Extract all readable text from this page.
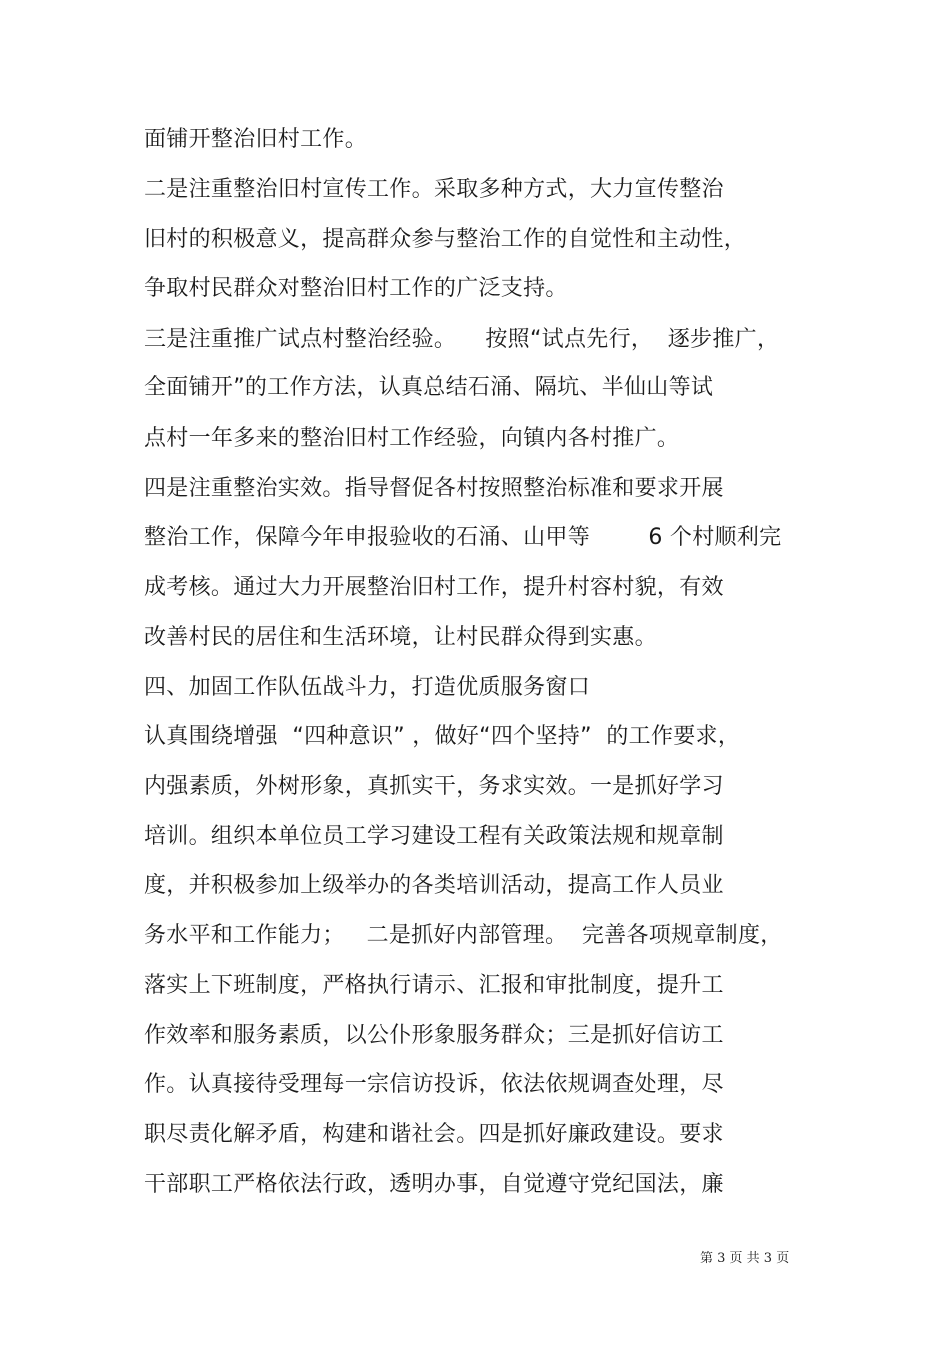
面铺开整治旧村工作。
二是注重整治旧村宣传工作。采取多种方式，大力宣传整治
旧村的积极意义，提高群众参与整治工作的自觉性和主动性，
争取村民群众对整治旧村工作的广泛支持。
三是注重推广试点村整治经验。    按照“试点先行，  逐步推广，
全面铺开”的工作方法，认真总结石涌、隔坑、半仙山等试
点村一年多来的整治旧村工作经验，向镇内各村推广。
四是注重整治实效。指导督促各村按照整治标准和要求开展
整治工作，保障今年申报验收的石涌、山甲等        6 个村顺利完
成考核。通过大力开展整治旧村工作，提升村容村貌，有效
改善村民的居住和生活环境，让村民群众得到实惠。
四、加固工作队伍战斗力，打造优质服务窗口
认真围绕增强  “四种意识” ，做好“四个坚持”  的工作要求，
内强素质，外树形象，真抓实干，务求实效。一是抓好学习
培训。组织本单位员工学习建设工程有关政策法规和规章制
度，并积极参加上级举办的各类培训活动，提高工作人员业
务水平和工作能力；   二是抓好内部管理。  完善各项规章制度，
落实上下班制度，严格执行请示、汇报和审批制度，提升工
作效率和服务素质，以公仆形象服务群众；三是抓好信访工
作。认真接待受理每一宗信访投诉，依法依规调查处理，尽
职尽责化解矛盾，构建和谐社会。四是抓好廉政建设。要求
干部职工严格依法行政，透明办事，自觉遵守党纪国法，廉
第 3 页 共 3 页
